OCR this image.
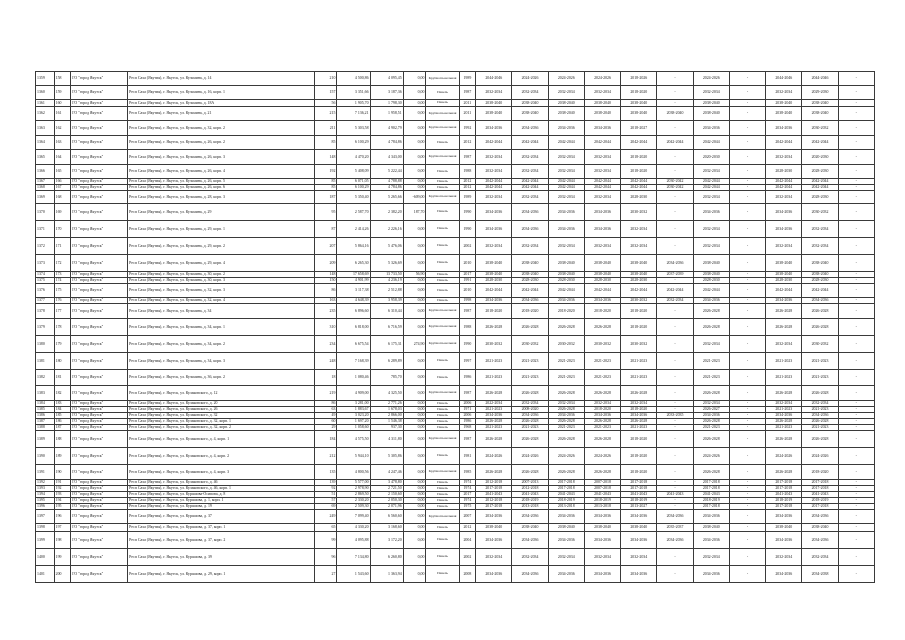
1359	158	ГО "город Якутск"	Респ Саха (Якутия), г. Якутск, ул. Кузьмина, д. 14	210	4 500,86	4 095,45	0,00	Крупнопа-нельная	1989	2044-2046	2024-2026	2024-2026	2024-2026	2018-2026	-	2024-2026	-	2044-2046	2044-2046	-
1360	159	ГО "город Якутск"	Респ Саха (Якутия), г. Якутск, ул. Кузьмина, д. 16, корп. 1	157	3 351,66	3 187,36	0,00	Панель	1987	2032-2034	2032-2034	2032-2034	2032-2034	2018-2020	-	2032-2034	-	2032-2034	2029-2030	-
1361	160	ГО "город Якутск"	Респ Саха (Якутия), г. Якутск, ул. Кузьмина, д. 18А	56	1 905,70	1 798,30	0,00	Панель	2011	2038-2040	2038-2040	2038-2040	2038-2040	2038-2040	-	2038-2040	-	2038-2040	2038-2040	-
1362	161	ГО "город Якутск"	Респ Саха (Якутия), г. Якутск, ул. Кузьмина, д. 21	215	7 136,21	1 958,51	0,00	Крупнопа-нельная	2011	2038-2040	2038-2040	2038-2040	2038-2040	2038-2040	2038-2040	2038-2040	-	2038-2040	2038-2040	-
1363	162	ГО "город Якутск"	Респ Саха (Якутия), г. Якутск, ул. Кузьмина, д. 32, корп. 2	211	5 303,58	4 902,79	0,00	Крупнопа-нельная	1992	2034-2036	2034-2036	2034-2036	2034-2036	2018-2027	-	2034-2036	-	2034-2036	2030-2032	-
1364	163	ГО "город Якутск"	Респ Саха (Якутия), г. Якутск, ул. Кузьмина, д. 26, корп. 2	85	6 100,29	4 784,86	0,00	Панель	2012	2042-2044	2042-2044	2042-2044	2042-2044	2042-2044	2042-2044	2042-2044	-	2042-2044	2042-2044	-
1365	164	ГО "город Якутск"	Респ Саха (Якутия), г. Якутск, ул. Кузьмина, д. 26, корп. 3	148	4 470,20	4 343,00	0,00	Крупнопа-нельная	1987	2032-2034	2032-2034	2032-2034	2032-2034	2018-2020	-	2020-2030	-	2032-2034	2020-2030	-
1366	165	ГО "город Якутск"	Респ Саха (Якутия), г. Якутск, ул. Кузьмина, д. 26, корп. 4	192	5 408,09	5 222,44	0,00	Панель	1988	2032-2034	2032-2034	2032-2034	2032-2034	2018-2020	-	2032-2034	-	2028-2030	2028-2030	-
1367	166	ГО "город Якутск"	Респ Саха (Якутия), г. Якутск, ул. Кузьмина, д. 26, корп. 5	85	6 071,05	4 788,88	0,00	Панель	2012	2042-2044	2042-2044	2042-2044	2042-2044	2042-2044	2030-2042	2042-2044	-	2042-2044	2042-2044	-
1368	167	ГО "город Якутск"	Респ Саха (Якутия), г. Якутск, ул. Кузьмина, д. 26, корп. 6	85	6 100,29	4 784,86	0,00	Панель	2012	2042-2044	2042-2044	2042-2044	2042-2044	2042-2044	2030-2042	2042-2044	-	2042-2044	2042-2044	-
1369	168	ГО "город Якутск"	Респ Саха (Якутия), г. Якутск, ул. Кузьмина, д. 28, корп. 3	187	5 350,40	5 265,66	-609,00	Крупнопа-нельная	1989	2032-2034	2032-2034	2032-2034	2032-2034	2028-2030	-	2032-2034	-	2032-2034	2028-2030	-
1370	169	ГО "город Якутск"	Респ Саха (Якутия), г. Якутск, ул. Кузьмина, д. 29	95	2 587,70	2 382,20	187,70	Панель	1990	2034-2036	2034-2036	2034-2036	2034-2036	2030-2032	-	2034-2036	-	2034-2036	2030-2032	-
1371	170	ГО "город Якутск"	Респ Саха (Якутия), г. Якутск, ул. Кузьмина, д. 29, корп. 1	87	2 414,26	2 226,16	0,00	Панель	1990	2034-2036	2034-2036	2034-2036	2034-2036	2032-2034	-	2032-2034	-	2034-2036	2032-2034	-
1372	171	ГО "город Якутск"	Респ Саха (Якутия), г. Якутск, ул. Кузьмина, д. 29, корп. 2	207	5 864,16	5 476,06	0,00	Панель	2002	2032-2034	2032-2034	2032-2034	2032-2034	2032-2034	-	2032-2034	-	2032-2034	2032-2034	-
1373	172	ГО "город Якутск"	Респ Саха (Якутия), г. Якутск, ул. Кузьмина, д. 29, корп. 4	209	6 265,30	5 326,69	0,00	Панель	2010	2038-2040	2038-2040	2038-2040	2038-2040	2038-2040	2034-2036	2038-2040	-	2038-2040	2038-2040	-
1374	173	ГО "город Якутск"	Респ Саха (Якутия), г. Якутск, ул. Кузьмина, д. 30, корп. 2	148	17 658,69	13 733,50	56,90	Панель	2017	2038-2040	2038-2040	2038-2040	2038-2040	2038-2040	2037-2039	2038-2040	-	2038-2040	2038-2040	-
1375	174	ГО "город Якутск"	Респ Саха (Якутия), г. Якутск, ул. Кузьмина, д. 30, корп. 3	150	4 901,99	4 236,19	0,00	Панель	1991	2028-2030	2028-2030	2028-2030	2028-2030	2028-2030	-	2028-2030	-	2028-2030	2028-2030	-
1376	175	ГО "город Якутск"	Респ Саха (Якутия), г. Якутск, ул. Кузьмина, д. 32, корп. 3	86	3 117,38	2 512,88	0,00	Панель	2010	2042-2044	2042-2044	2042-2044	2042-2044	2042-2044	2042-2044	2042-2044	-	2042-2044	2042-2044	-
1377	176	ГО "город Якутск"	Респ Саха (Якутия), г. Якутск, ул. Кузьмина, д. 32, корп. 4	163	4 648,39	3 958,39	0,00	Панель	1998	2034-2036	2034-2036	2034-2036	2034-2036	2030-2032	2032-2034	2034-2036	-	2034-2036	2034-2036	-
1378	177	ГО "город Якутск"	Респ Саха (Якутия), г. Якутск, ул. Кузьмина, д. 34	235	6 896,60	6 310,44	0,00	Крупнопа-нельная	1987	2018-2020	2018-2020	2018-2020	2018-2020	2018-2020	-	2026-2028	-	2026-2028	2026-2028	-
1379	178	ГО "город Якутск"	Респ Саха (Якутия), г. Якутск, ул. Кузьмина, д. 34, корп. 1	310	6 818,00	6 716,59	0,00	Крупнопа-нельная	1988	2026-2028	2026-2028	2026-2028	2026-2028	2018-2020	-	2026-2028	-	2026-2028	2026-2028	-
1380	179	ГО "город Якутск"	Респ Саха (Якутия), г. Якутск, ул. Кузьмина, д. 34, корп. 2	234	6 675,54	6 175,31	274,90	Крупнопа-нельная	1990	2030-2032	2030-2032	2030-2032	2030-2032	2030-2032	-	2032-2034	-	2032-2034	2030-2032	-
1381	180	ГО "город Якутск"	Респ Саха (Якутия), г. Якутск, ул. Кузьмина, д. 34, корп. 3	248	7 168,39	6 289,89	0,00	Панель	1997	2021-2023	2021-2023	2021-2023	2021-2023	2021-2023	-	2021-2023	-	2021-2023	2021-2023	-
1382	181	ГО "город Якутск"	Респ Саха (Якутия), г. Якутск, ул. Кузьмина, д. 36, корп. 2	18	1 080,46	785,70	0,00	Панель	1986	2021-2023	2021-2023	2021-2023	2021-2023	2021-2023	-	2021-2023	-	2021-2023	2021-2023	-
1383	182	ГО "город Якутск"	Респ Саха (Якутия), г. Якутск, ул. Кулаковского, д. 12	219	4 909,00	4 325,50	0,00	Крупнопа-нельная	1987	2026-2028	2026-2028	2026-2028	2026-2028	2026-2028	-	2026-2028	-	2026-2028	2026-2028	-
1384	183	ГО "город Якутск"	Респ Саха (Якутия), г. Якутск, ул. Кулаковского, д. 20	86	3 281,00	2 771,26	0,00	Панель	2006	2022-2034	2032-2034	2032-2034	2032-2034	2032-2034	-	2032-2034	-	2032-2034	2032-2034	-
1385	184	ГО "город Якутск"	Респ Саха (Якутия), г. Якутск, ул. Кулаковского, д. 26	63	1 883,67	1 678,03	0,00	Панель	1971	2021-2023	2008-2020	2026-2028	2018-2020	2018-2020	-	2026-2027	-	2021-2023	2021-2023	-
1386	185	ГО "город Якутск"	Респ Саха (Якутия), г. Якутск, ул. Кулаковского, д. 32	49	3 023,20	2 866,00	0,00	Панель	2006	2034-2036	2034-2036	2034-2036	2034-2036	2034-2036	2033-2035	2034-2036	-	2034-2036	2034-2036	-
1387	186	ГО "город Якутск"	Респ Саха (Якутия), г. Якутск, ул. Кулаковского, д. 32, корп. 1	60	1 697,20	1 546,38	0,00	Панель	1986	2026-2028	2026-2028	2026-2028	2026-2028	2026-2028	-	2026-2028	-	2026-2028	2026-2028	-
1388	187	ГО "город Якутск"	Респ Саха (Якутия), г. Якутск, ул. Кулаковского, д. 32, корп. 2	29	1 058,60	937,30	0,00	Панель	1968	2021-2023	2021-2023	2021-2023	2021-2023	2021-2023	-	2021-2023	-	2021-2023	2021-2023	-
1389	188	ГО "город Якутск"	Респ Саха (Якутия), г. Якутск, ул. Кулаковского, д. 4, корп. 1	184	4 575,50	4 311,80	0,00	Крупнопа-нельная	1987	2026-2028	2026-2028	2026-2028	2026-2028	2018-2020	-	2026-2028	-	2026-2028	2026-2028	-
1390	189	ГО "город Якутск"	Респ Саха (Якутия), г. Якутск, ул. Кулаковского, д. 4, корп. 2	212	5 944,10	5 305,86	0,00	Панель	1981	2024-2026	2024-2026	2024-2026	2024-2026	2018-2020	-	2024-2026	-	2024-2026	2024-2026	-
1391	190	ГО "город Якутск"	Респ Саха (Якутия), г. Якутск, ул. Кулаковского, д. 4, корп. 3	135	4 800,56	4 247,46	0,00	Крупнопа-нельная	1985	2026-2028	2026-2028	2026-2028	2026-2028	2018-2020	-	2026-2028	-	2026-2028	2018-2020	-
1392	191	ГО "город Якутск"	Респ Саха (Якутия), г. Якутск, ул. Кулаковского, д. 46	139	5 577,00	3 478,80	0,00	Панель	1974	2012-2018	2007-2013	2017-2018	2007-2018	2017-2018	-	2017-2018	-	2017-2018	2017-2018	-
1393	192	ГО "город Якутск"	Респ Саха (Якутия), г. Якутск, ул. Кулаковского, д. 46, корп. 1	92	2 978,90	2 721,50	0,00	Панель	1974	2017-2018	2012-2018	2017-2018	2007-2018	2017-2018	-	2017-2018	-	2017-2018	2017-2018	-
1394	193	ГО "город Якутск"	Респ Саха (Якутия), г. Якутск, ул. Курашова-Осипова, д. 8	51	2 869,50	2 150,60	0,00	Панель	2017	2041-2043	2041-2043	2041-2043	2041-2043	2041-2043	2041-2043	2041-2043	-	2041-2043	2041-2043	-
1395	194	ГО "город Якутск"	Респ Саха (Якутия), г. Якутск, ул. Курашова, д. 1, корп. 1	57	2 330,20	2 050,30	0,00	Панель	1974	2012-2018	2018-2019	2018-2019	2018-2019	2018-2019	-	2018-2019	-	2018-2019	2018-2019	-
1396	195	ГО "город Якутск"	Респ Саха (Якутия), г. Якутск, ул. Курашова, д. 19	69	2 509,30	2 071,96	0,00	Панель	1975	2017-2018	2013-2018	2013-2018	2013-2018	2013-2027	-	2017-2018	-	2017-2018	2017-2018	-
1397	196	ГО "город Якутск"	Респ Саха (Якутия), г. Якутск, ул. Курашова, д. 37	249	7 099,40	6 560,60	0,00	Крупнопа-нельная	2007	2034-2036	2034-2036	2034-2036	2034-2036	2034-2036	2034-2036	2034-2036	-	2034-2036	2034-2036	-
1398	197	ГО "город Якутск"	Респ Саха (Якутия), г. Якутск, ул. Курашова, д. 37, корп. 1	65	4 330,20	3 168,60	0,00	Панель	2012	2038-2040	2038-2040	2038-2040	2038-2040	2038-2040	2035-2037	2038-2040	-	2038-2040	2038-2040	-
1399	198	ГО "город Якутск"	Респ Саха (Якутия), г. Якутск, ул. Курашова, д. 37, корп. 2	99	4 095,88	3 172,20	0,00	Панель	2004	2034-2036	2034-2036	2034-2036	2034-2036	2034-2036	2034-2036	2034-2036	-	2034-2036	2034-2036	-
1400	199	ГО "город Якутск"	Респ Саха (Якутия), г. Якутск, ул. Курашова, д. 39	96	7 134,80	6 260,80	0,00	Панель	2002	2032-2034	2032-2034	2032-2034	2032-2034	2032-2034	-	2032-2034	-	2032-2034	2032-2034	-
1401	200	ГО "город Якутск"	Респ Саха (Якутия), г. Якутск, ул. Курашова, д. 29, корп. 1	27	1 543,60	1 363,94	0,00	Панель	2008	2034-2036	2034-2036	2034-2036	2034-2036	2034-2036	-	2034-2036	-	2034-2036	2034-2038	-
